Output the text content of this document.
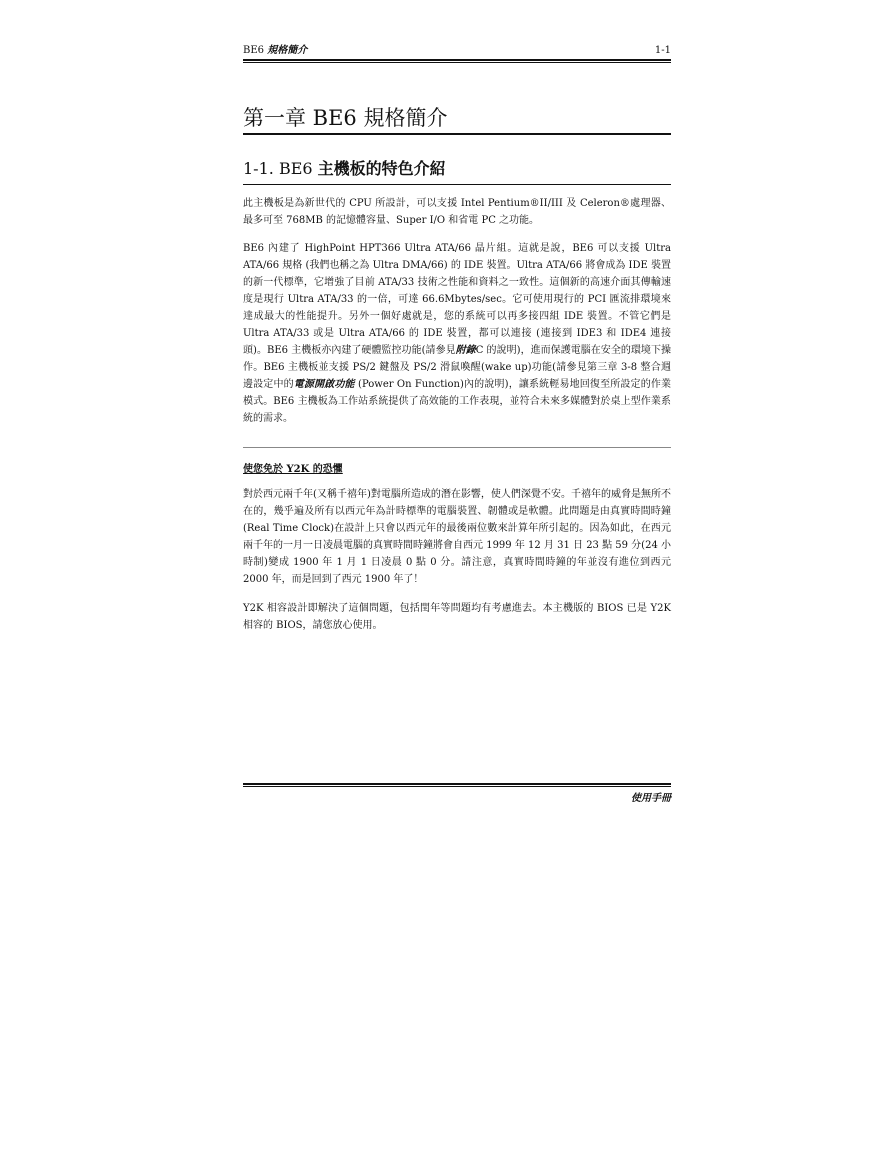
BE6 規格簡介	1-1
第一章 BE6 規格簡介
1-1. BE6 主機板的特色介紹
此主機板是為新世代的 CPU 所設計，可以支援 Intel Pentium®II/III 及 Celeron®處理器、最多可至 768MB 的記憶體容量、Super I/O 和省電 PC 之功能。
BE6 內建了 HighPoint HPT366 Ultra ATA/66 晶片組。這就是說，BE6 可以支援 Ultra ATA/66 規格 (我們也稱之為 Ultra DMA/66) 的 IDE 裝置。Ultra ATA/66 將會成為 IDE 裝置的新一代標準，它增強了目前 ATA/33 技術之性能和資料之一致性。這個新的高速介面其傳輸速度是現行 Ultra ATA/33 的一倍，可達 66.6Mbytes/sec。它可使用現行的 PCI 匯流排環境來達成最大的性能提升。另外一個好處就是，您的系統可以再多接四組 IDE 裝置。不管它們是 Ultra ATA/33 或是 Ultra ATA/66 的 IDE 裝置，都可以連接 (連接到 IDE3 和 IDE4 連接頭)。BE6 主機板亦內建了硬體監控功能(請參見附錄C 的說明)，進而保護電腦在安全的環境下操作。BE6 主機板並支援 PS/2 鍵盤及 PS/2 滑鼠喚醒(wake up)功能(請參見第三章 3-8 整合週邊設定中的電源開啟功能 (Power On Function)內的說明)，讓系統輕易地回復至所設定的作業模式。BE6 主機板為工作站系統提供了高效能的工作表現，並符合未來多媒體對於桌上型作業系統的需求。
使您免於 Y2K 的恐懼
對於西元兩千年(又稱千禧年)對電腦所造成的潛在影響，使人們深覺不安。千禧年的威脅是無所不在的，幾乎遍及所有以西元年為計時標準的電腦裝置、韌體或是軟體。此問題是由真實時間時鐘 (Real Time Clock)在設計上只會以西元年的最後兩位數來計算年所引起的。因為如此，在西元兩千年的一月一日凌晨電腦的真實時間時鐘將會自西元 1999 年 12 月 31 日 23 點 59 分(24 小時制)變成 1900 年 1 月 1 日凌晨 0 點 0 分。請注意，真實時間時鐘的年並沒有進位到西元 2000 年，而是回到了西元 1900 年了！
Y2K 相容設計即解決了這個問題，包括閏年等問題均有考慮進去。本主機版的 BIOS 已是 Y2K 相容的 BIOS，請您放心使用。
使用手冊
